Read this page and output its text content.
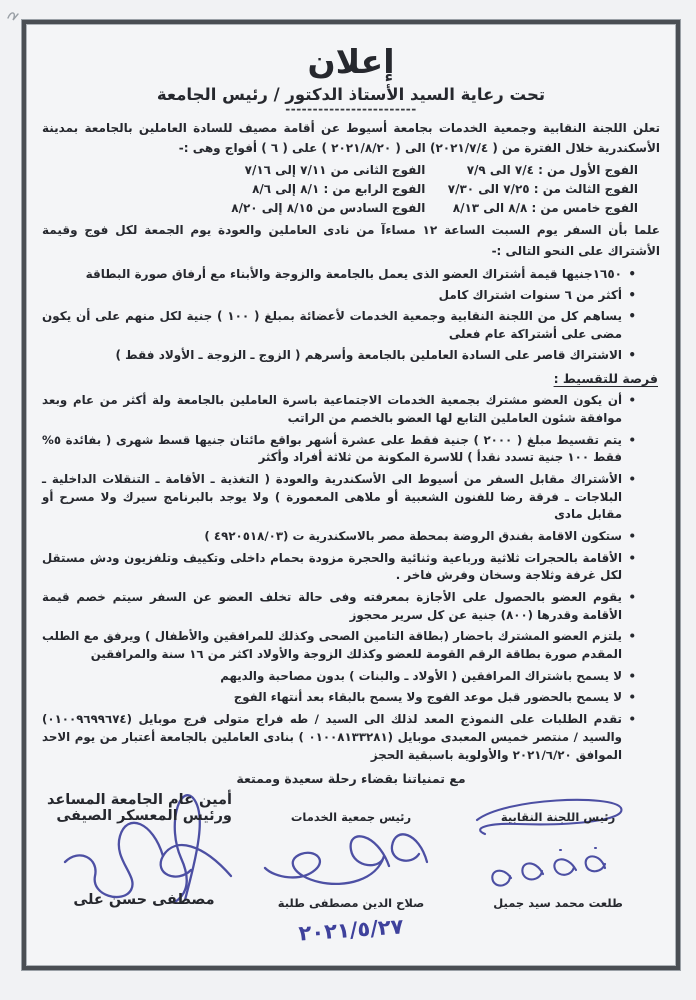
إعلان
تحت رعاية السيد الأستاذ الدكتور / رئيس الجامعة
------------------------

تعلن اللجنة النقابية وجمعية الخدمات بجامعة أسيوط عن أقامة مصيف للسادة العاملين بالجامعة بمدينة الأسكندرية خلال الفترة من ( ٢٠٢١/٧/٤) الى ( ٢٠٢١/٨/٢٠ ) على ( ٦ ) أفواج وهى :-

الفوج الأول من : ٧/٤ الى ٧/٩
الفوج الثانى من ٧/١١ إلى ٧/١٦
الفوج الثالث من : ٧/٢٥ الى ٧/٣٠
الفوج الرابع من : ٨/١ إلى ٨/٦
الفوج خامس من : ٨/٨ الى ٨/١٣
الفوج السادس من ٨/١٥ إلى ٨/٢٠

علما بأن السفر يوم السبت الساعة ١٢ مساءآ من نادى العاملين والعودة يوم الجمعة لكل فوج وقيمة الأشتراك على النحو التالى :-

• ١٦٥٠جنيها قيمة أشتراك العضو الذى يعمل بالجامعة والزوجة والأبناء مع أرفاق صورة البطاقة
• أكثر من ٦ سنوات اشتراك كامل
• يساهم كل من اللجنة النقابية وجمعية الخدمات لأعضائة بمبلغ ( ١٠٠ ) جنية لكل منهم على أن يكون مضى على أشتراكة عام فعلى
• الاشتراك قاصر على السادة العاملين بالجامعة وأسرهم ( الزوج ـ الزوجة ـ الأولاد فقط )
فرصة للتقسيط :
• أن يكون العضو مشترك بجمعية الخدمات الاجتماعية باسرة العاملين بالجامعة ولة أكثر من عام وبعد موافقة شئون العاملين التابع لها العضو بالخصم من الراتب
• يتم تقسيط مبلغ ( ٢٠٠٠ ) جنية فقط على عشرة أشهر بواقع مائتان جنيها قسط شهرى ( بفائدة ٥% فقط ١٠٠ جنية تسدد نقدأ ) للاسرة المكونة من ثلاثة أفراد وأكثر
• الأشتراك مقابل السفر من أسيوط الى الأسكندرية والعودة ( التغذية ـ الأقامة ـ التنقلات الداخلية ـ البلاجات ـ فرقة رضا للفنون الشعبية أو ملاهى المعمورة ) ولا يوجد بالبرنامج سيرك ولا مسرح أو مقابل مادى
• ستكون الاقامة بفندق الروضة بمحطة مصر بالاسكندرية ت (٤٩٢٠٥١٨/٠٣ )
• الأقامة بالحجرات ثلاثية ورباعية وثنائية والحجرة مزودة بحمام داخلى وتكييف وتلفزيون ودش مستقل لكل غرفة وثلاجة وسخان وفرش فاخر .
• يقوم العضو بالحصول على الأجازة بمعرفته وفى حالة تخلف العضو عن السفر سيتم خصم قيمة الأقامة وقدرها (٨٠٠) جنية عن كل سرير محجوز
• يلتزم العضو المشترك باحضار (بطاقة التامين الصحى وكذلك للمرافقين والأطفال ) ويرفق مع الطلب المقدم صورة بطاقة الرقم القومة للعضو وكذلك الزوجة والأولاد اكثر من ١٦ سنة والمرافقين
• لا يسمح باشتراك المرافقين ( الأولاد ـ والبنات ) بدون مصاحبة والديهم
• لا يسمح بالحضور قبل موعد الفوج ولا يسمح بالبقاء بعد أنتهاء الفوج
• تقدم الطلبات على النموذج المعد لذلك الى السيد / طه فراج متولى فرج موبايل (٠١٠٠٩٦٩٩٦٧٤) والسيد / منتصر خميس المعبدى موبايل (٠١٠٠٨١٣٣٢٨١ ) بنادى العاملين بالجامعة أعتبار من يوم الاحد الموافق ٢٠٢١/٦/٢٠ والأولوية باسبقية الحجز
مع تمنياتنا بقضاء رحلة سعيدة وممتعة
رئيس اللجنة النقابية
طلعت محمد سيد جميل
رئيس جمعية الخدمات
صلاح الدين مصطفى طلبة
٢٠٢١/٥/٢٧
أمين عام الجامعة المساعد
ورئيس المعسكر الصيفى
مصطفى حسن على
